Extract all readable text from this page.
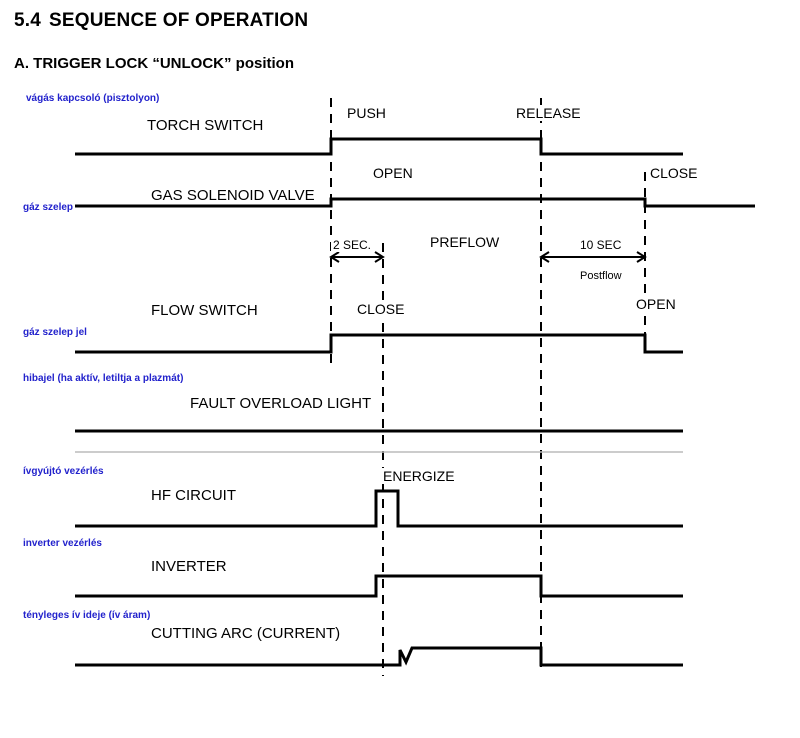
5.4 SEQUENCE OF OPERATION
A. TRIGGER LOCK “UNLOCK” position
vágás kapcsoló (pisztolyon)
gáz szelep
gáz szelep jel
hibajel (ha aktív, letiltja a plazmát)
ívgyújtó vezérlés
inverter vezérlés
tényleges ív ideje (ív áram)
TORCH SWITCH
GAS SOLENOID VALVE
FLOW SWITCH
FAULT OVERLOAD LIGHT
HF CIRCUIT
INVERTER
CUTTING ARC (CURRENT)
PUSH	RELEASE
OPEN	CLOSE
2 SEC.	PREFLOW	10 SEC
Postflow
CLOSE	OPEN
ENERGIZE
